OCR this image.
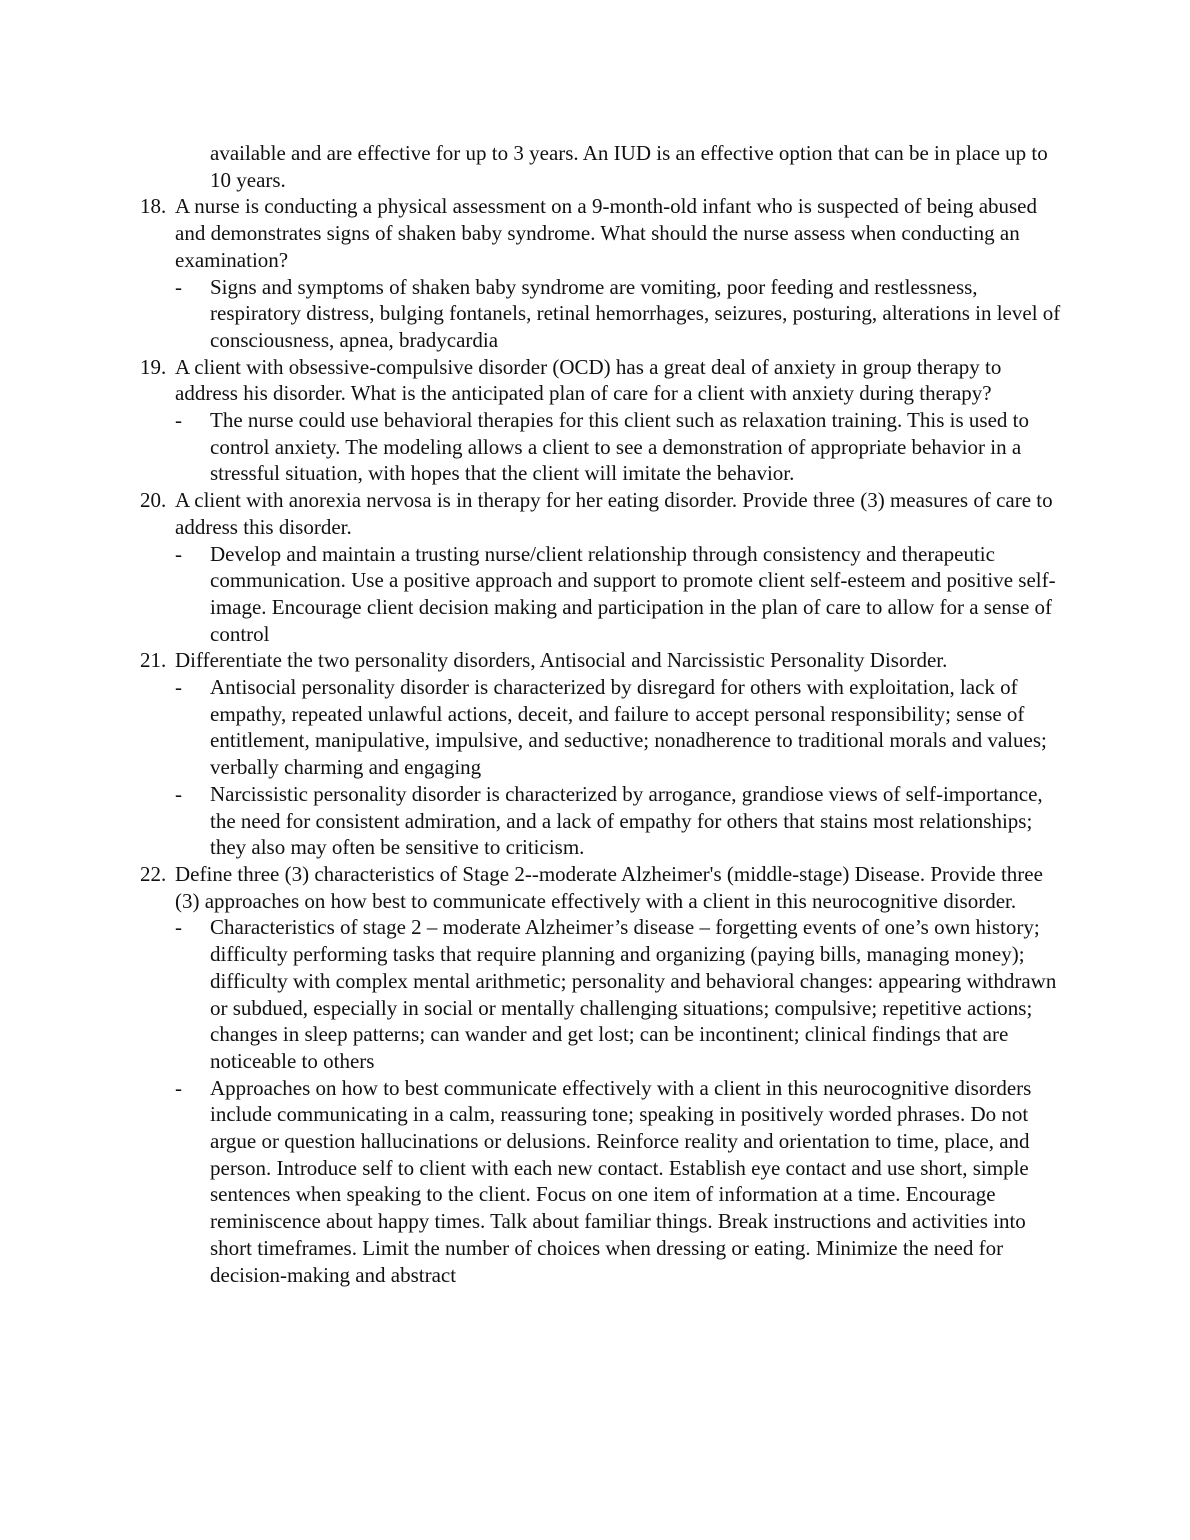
available and are effective for up to 3 years. An IUD is an effective option that can be in place up to 10 years.

18. A nurse is conducting a physical assessment on a 9-month-old infant who is suspected of being abused and demonstrates signs of shaken baby syndrome. What should the nurse assess when conducting an examination?
-	Signs and symptoms of shaken baby syndrome are vomiting, poor feeding and restlessness, respiratory distress, bulging fontanels, retinal hemorrhages, seizures, posturing, alterations in level of consciousness, apnea, bradycardia
19. A client with obsessive-compulsive disorder (OCD) has a great deal of anxiety in group therapy to address his disorder. What is the anticipated plan of care for a client with anxiety during therapy?
-	The nurse could use behavioral therapies for this client such as relaxation training. This is used to control anxiety. The modeling allows a client to see a demonstration of appropriate behavior in a stressful situation, with hopes that the client will imitate the behavior.
20. A client with anorexia nervosa is in therapy for her eating disorder. Provide three (3) measures of care to address this disorder.
-	Develop and maintain a trusting nurse/client relationship through consistency and therapeutic communication. Use a positive approach and support to promote client self-esteem and positive self-image. Encourage client decision making and participation in the plan of care to allow for a sense of control
21. Differentiate the two personality disorders, Antisocial and Narcissistic Personality Disorder.
-	Antisocial personality disorder is characterized by disregard for others with exploitation, lack of empathy, repeated unlawful actions, deceit, and failure to accept personal responsibility; sense of entitlement, manipulative, impulsive, and seductive; nonadherence to traditional morals and values; verbally charming and engaging
-	Narcissistic personality disorder is characterized by arrogance, grandiose views of self-importance, the need for consistent admiration, and a lack of empathy for others that stains most relationships; they also may often be sensitive to criticism.
22. Define three (3) characteristics of Stage 2--moderate Alzheimer's (middle-stage) Disease. Provide three (3) approaches on how best to communicate effectively with a client in this neurocognitive disorder.
-	Characteristics of stage 2 – moderate Alzheimer’s disease – forgetting events of one’s own history; difficulty performing tasks that require planning and organizing (paying bills, managing money); difficulty with complex mental arithmetic; personality and behavioral changes: appearing withdrawn or subdued, especially in social or mentally challenging situations; compulsive; repetitive actions; changes in sleep patterns; can wander and get lost; can be incontinent; clinical findings that are noticeable to others
-	Approaches on how to best communicate effectively with a client in this neurocognitive disorders include communicating in a calm, reassuring tone; speaking in positively worded phrases. Do not argue or question hallucinations or delusions. Reinforce reality and orientation to time, place, and person. Introduce self to client with each new contact. Establish eye contact and use short, simple sentences when speaking to the client. Focus on one item of information at a time. Encourage reminiscence about happy times. Talk about familiar things. Break instructions and activities into short timeframes. Limit the number of choices when dressing or eating. Minimize the need for decision-making and abstract
